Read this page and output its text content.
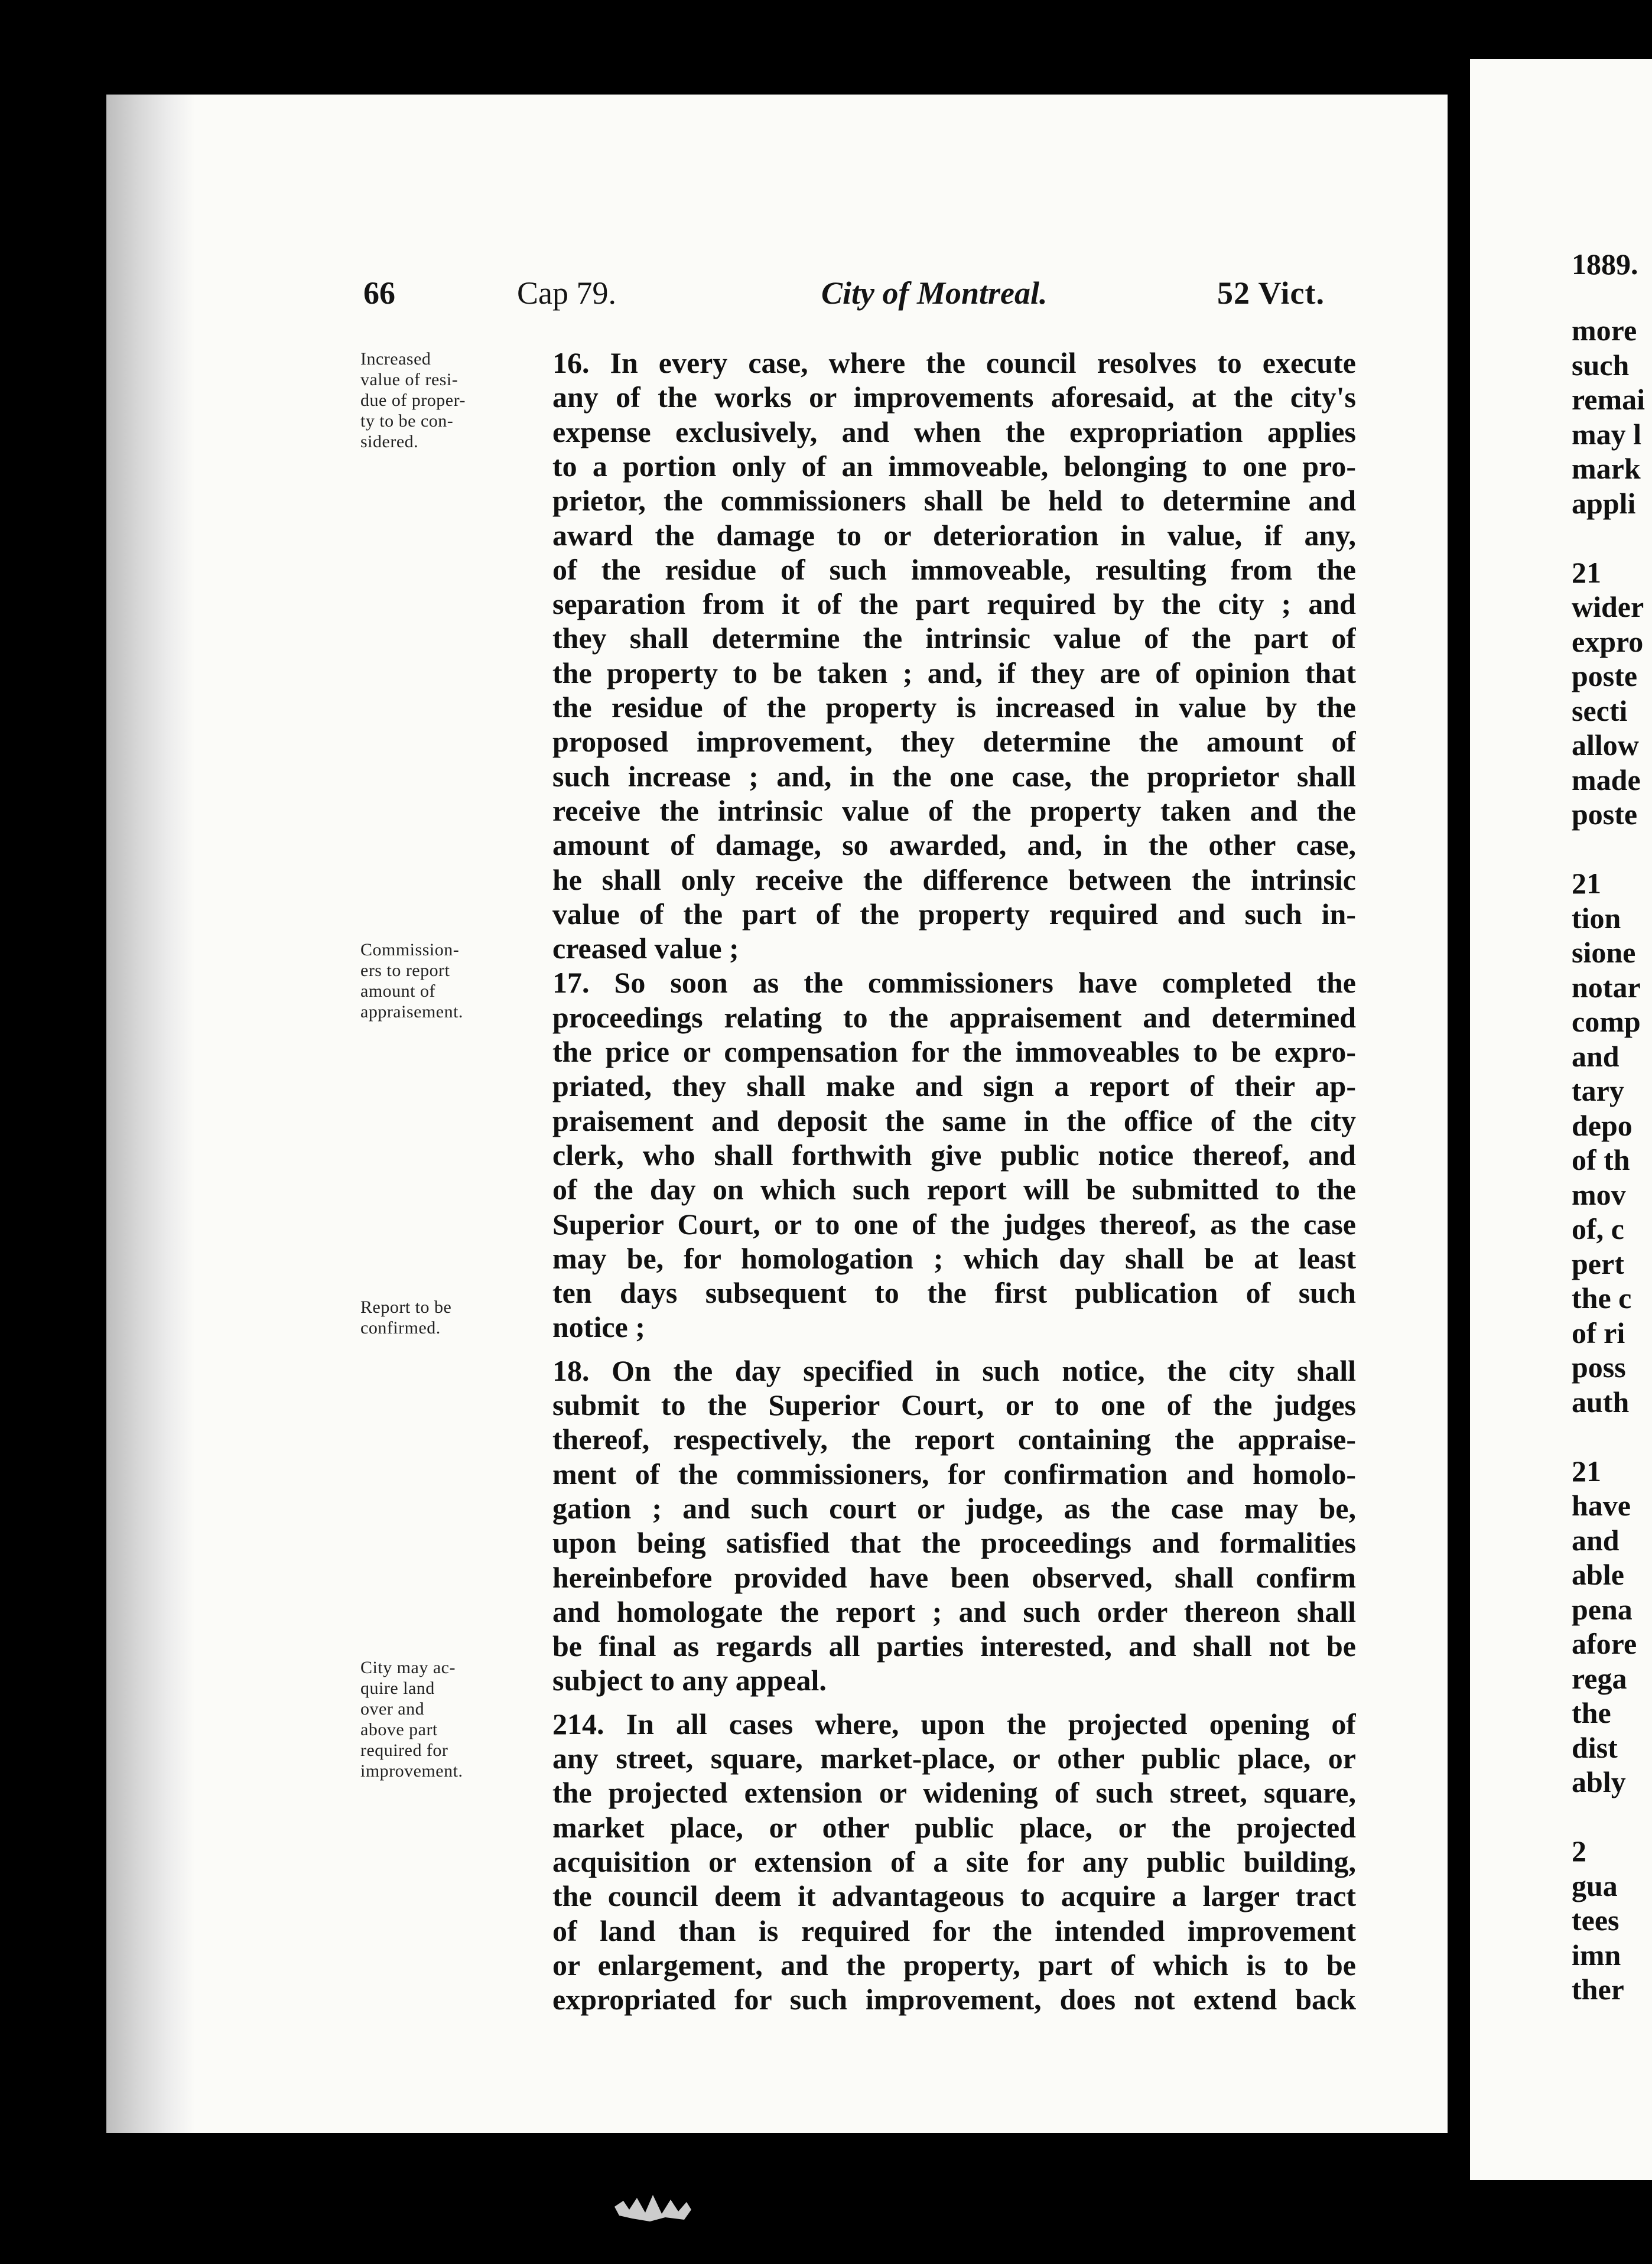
66	Cap 79.	City of Montreal.	52 Vict.
1889.
Increased
value of resi-
due of proper-
ty to be con-
sidered.
Commission-
ers to report
amount of
appraisement.
Report to be
confirmed.
City may ac-
quire land
over and
above part
required for
improvement.
16. In every case, where the council resolves to execute
any of the works or improvements aforesaid, at the city's
expense exclusively, and when the expropriation applies
to a portion only of an immoveable, belonging to one pro-
prietor, the commissioners shall be held to determine and
award the damage to or deterioration in value, if any,
of the residue of such immoveable, resulting from the
separation from it of the part required by the city ; and
they shall determine the intrinsic value of the part of
the property to be taken ; and, if they are of opinion that
the residue of the property is increased in value by the
proposed improvement, they determine the amount of
such increase ; and, in the one case, the proprietor shall
receive the intrinsic value of the property taken and the
amount of damage, so awarded, and, in the other case,
he shall only receive the difference between the intrinsic
value of the part of the property required and such in-
creased value ;
17. So soon as the commissioners have completed the
proceedings relating to the appraisement and determined
the price or compensation for the immoveables to be expro-
priated, they shall make and sign a report of their ap-
praisement and deposit the same in the office of the city
clerk, who shall forthwith give public notice thereof, and
of the day on which such report will be submitted to the
Superior Court, or to one of the judges thereof, as the case
may be, for homologation ; which day shall be at least
ten days subsequent to the first publication of such
notice ;
18. On the day specified in such notice, the city shall
submit to the Superior Court, or to one of the judges
thereof, respectively, the report containing the appraise-
ment of the commissioners, for confirmation and homolo-
gation ; and such court or judge, as the case may be,
upon being satisfied that the proceedings and formalities
hereinbefore provided have been observed, shall confirm
and homologate the report ; and such order thereon shall
be final as regards all parties interested, and shall not be
subject to any appeal.
214. In all cases where, upon the projected opening of
any street, square, market-place, or other public place, or
the projected extension or widening of such street, square,
market place, or other public place, or the projected
acquisition or extension of a site for any public building,
the council deem it advantageous to acquire a larger tract
of land than is required for the intended improvement
or enlargement, and the property, part of which is to be
expropriated for such improvement, does not extend back
more
such
remai
may l
mark
appli
21
wider
expro
poste
secti
allow
made
poste
21
tion
sione
notar
comp
and
tary
depo
of th
mov
of, c
pert
the c
of ri
poss
auth
21
have
and
able
pena
afore
rega
the
dist
ably
2
gua
tees
imn
ther
